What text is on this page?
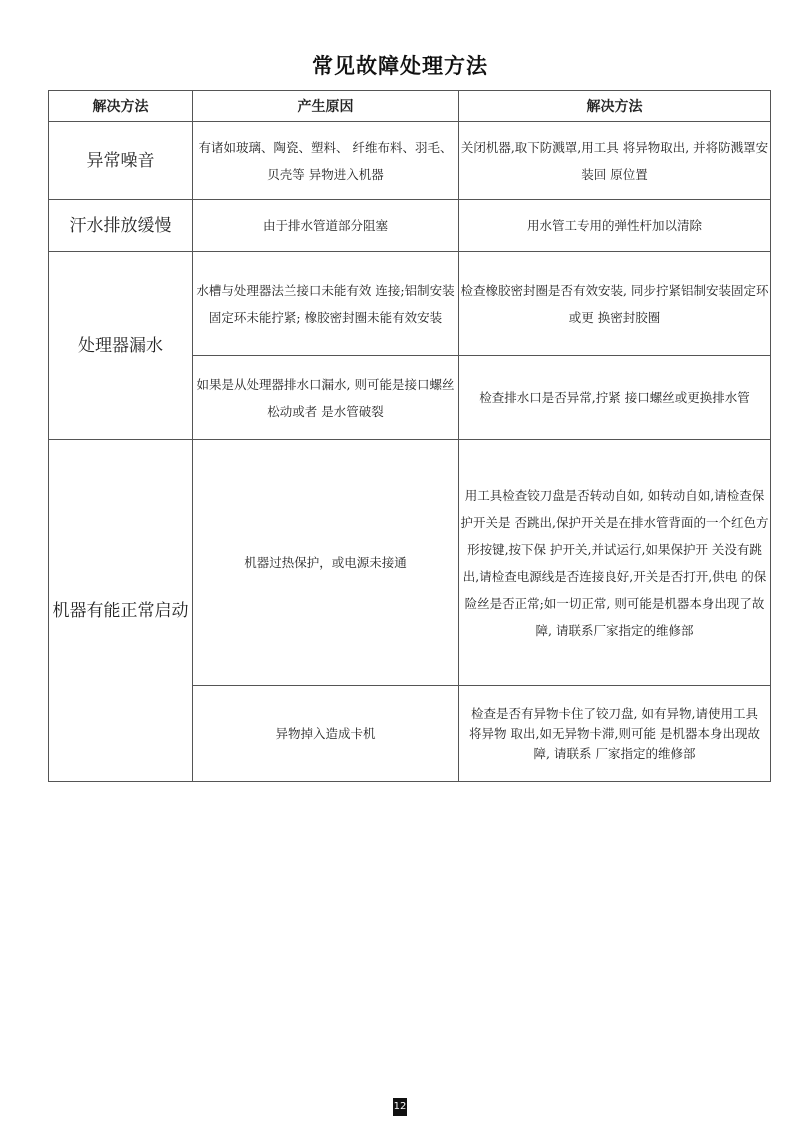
常见故障处理方法
解决方法	产生原因	解决方法
异常噪音	有诸如玻璃、陶瓷、塑料、 纤维布料、羽毛、贝壳等 异物进入机器	关闭机器,取下防溅罩,用工具 将异物取出, 并将防溅罩安装回 原位置
汗水排放缓慢	由于排水管道部分阻塞	用水管工专用的弹性杆加以清除
处理器漏水	水槽与处理器法兰接口未能有效 连接;铝制安装固定环未能拧紧; 橡胶密封圈未能有效安装	检查橡胶密封圈是否有效安装, 同步拧紧铝制安装固定环或更 换密封胶圈
	如果是从处理器排水口漏水, 则可能是接口螺丝松动或者 是水管破裂	检查排水口是否异常,拧紧 接口螺丝或更换排水管
机器有能正常启动	机器过热保护，或电源未接通	用工具检查铰刀盘是否转动自如, 如转动自如,请检查保护开关是 否跳出,保护开关是在排水管背面的一个红色方形按键,按下保 护开关,并试运行,如果保护开 关没有跳出,请检查电源线是否连接良好,开关是否打开,供电 的保险丝是否正常;如一切正常, 则可能是机器本身出现了故障, 请联系厂家指定的维修部
	异物掉入造成卡机	检查是否有异物卡住了铰刀盘, 如有异物,请使用工具将异物 取出,如无异物卡滞,则可能 是机器本身出现故障, 请联系 厂家指定的维修部
12
